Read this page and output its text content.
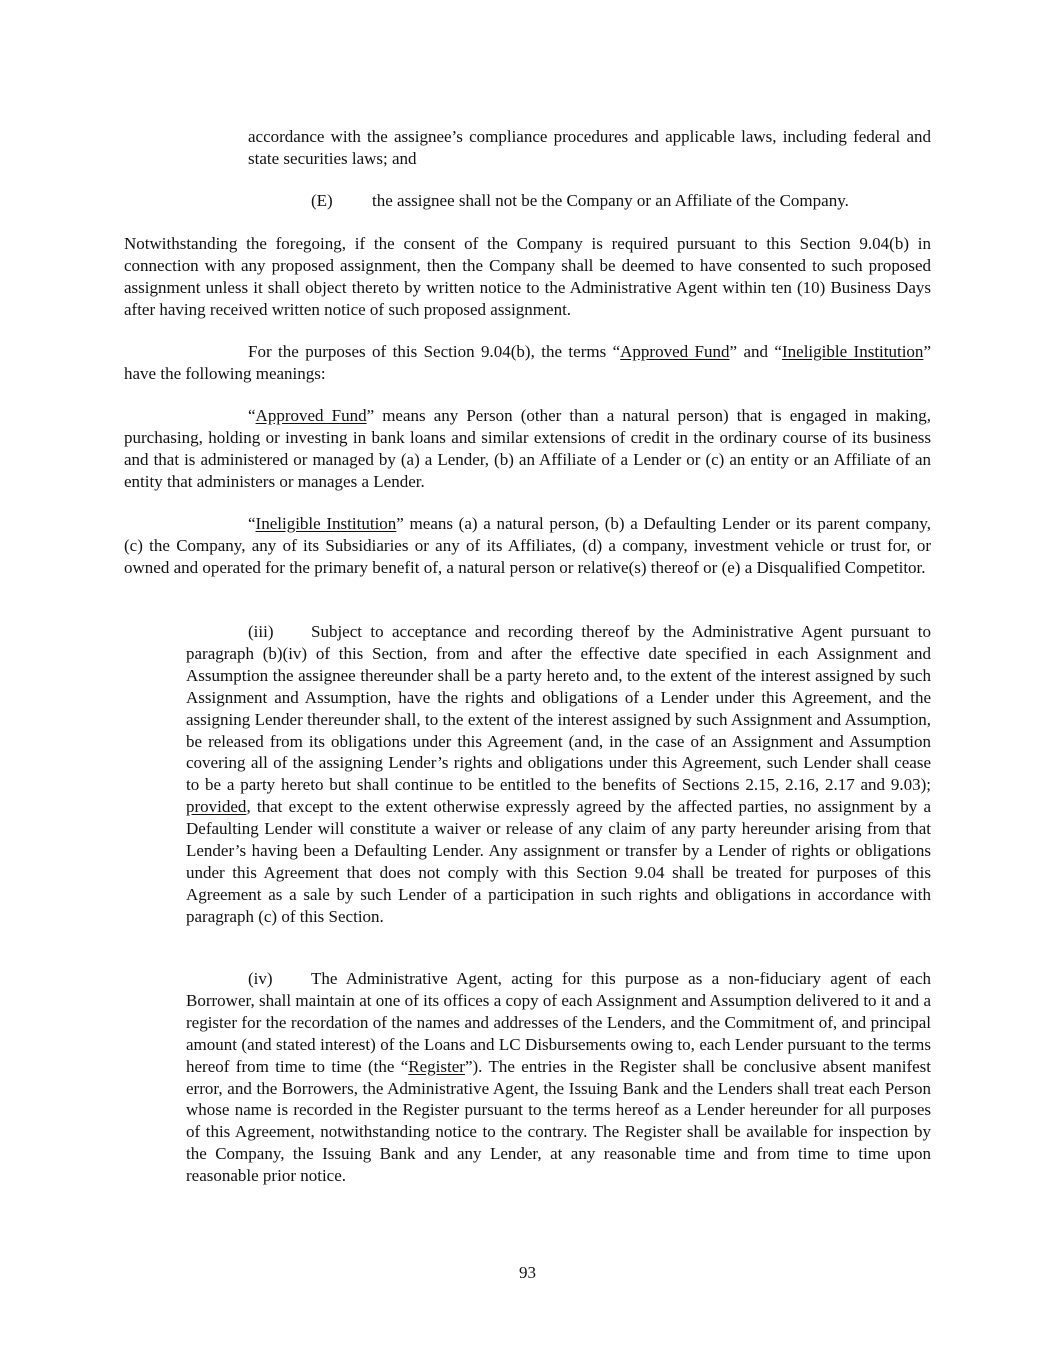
accordance with the assignee’s compliance procedures and applicable laws, including federal and state securities laws; and

(E) the assignee shall not be the Company or an Affiliate of the Company.

Notwithstanding the foregoing, if the consent of the Company is required pursuant to this Section 9.04(b) in connection with any proposed assignment, then the Company shall be deemed to have consented to such proposed assignment unless it shall object thereto by written notice to the Administrative Agent within ten (10) Business Days after having received written notice of such proposed assignment.

For the purposes of this Section 9.04(b), the terms “Approved Fund” and “Ineligible Institution” have the following meanings:

“Approved Fund” means any Person (other than a natural person) that is engaged in making, purchasing, holding or investing in bank loans and similar extensions of credit in the ordinary course of its business and that is administered or managed by (a) a Lender, (b) an Affiliate of a Lender or (c) an entity or an Affiliate of an entity that administers or manages a Lender.

“Ineligible Institution” means (a) a natural person, (b) a Defaulting Lender or its parent company, (c) the Company, any of its Subsidiaries or any of its Affiliates, (d) a company, investment vehicle or trust for, or owned and operated for the primary benefit of, a natural person or relative(s) thereof or (e) a Disqualified Competitor.

(iii) Subject to acceptance and recording thereof by the Administrative Agent pursuant to paragraph (b)(iv) of this Section, from and after the effective date specified in each Assignment and Assumption the assignee thereunder shall be a party hereto and, to the extent of the interest assigned by such Assignment and Assumption, have the rights and obligations of a Lender under this Agreement, and the assigning Lender thereunder shall, to the extent of the interest assigned by such Assignment and Assumption, be released from its obligations under this Agreement (and, in the case of an Assignment and Assumption covering all of the assigning Lender’s rights and obligations under this Agreement, such Lender shall cease to be a party hereto but shall continue to be entitled to the benefits of Sections 2.15, 2.16, 2.17 and 9.03); provided, that except to the extent otherwise expressly agreed by the affected parties, no assignment by a Defaulting Lender will constitute a waiver or release of any claim of any party hereunder arising from that Lender’s having been a Defaulting Lender. Any assignment or transfer by a Lender of rights or obligations under this Agreement that does not comply with this Section 9.04 shall be treated for purposes of this Agreement as a sale by such Lender of a participation in such rights and obligations in accordance with paragraph (c) of this Section.

(iv) The Administrative Agent, acting for this purpose as a non-fiduciary agent of each Borrower, shall maintain at one of its offices a copy of each Assignment and Assumption delivered to it and a register for the recordation of the names and addresses of the Lenders, and the Commitment of, and principal amount (and stated interest) of the Loans and LC Disbursements owing to, each Lender pursuant to the terms hereof from time to time (the “Register”). The entries in the Register shall be conclusive absent manifest error, and the Borrowers, the Administrative Agent, the Issuing Bank and the Lenders shall treat each Person whose name is recorded in the Register pursuant to the terms hereof as a Lender hereunder for all purposes of this Agreement, notwithstanding notice to the contrary. The Register shall be available for inspection by the Company, the Issuing Bank and any Lender, at any reasonable time and from time to time upon reasonable prior notice.

93
